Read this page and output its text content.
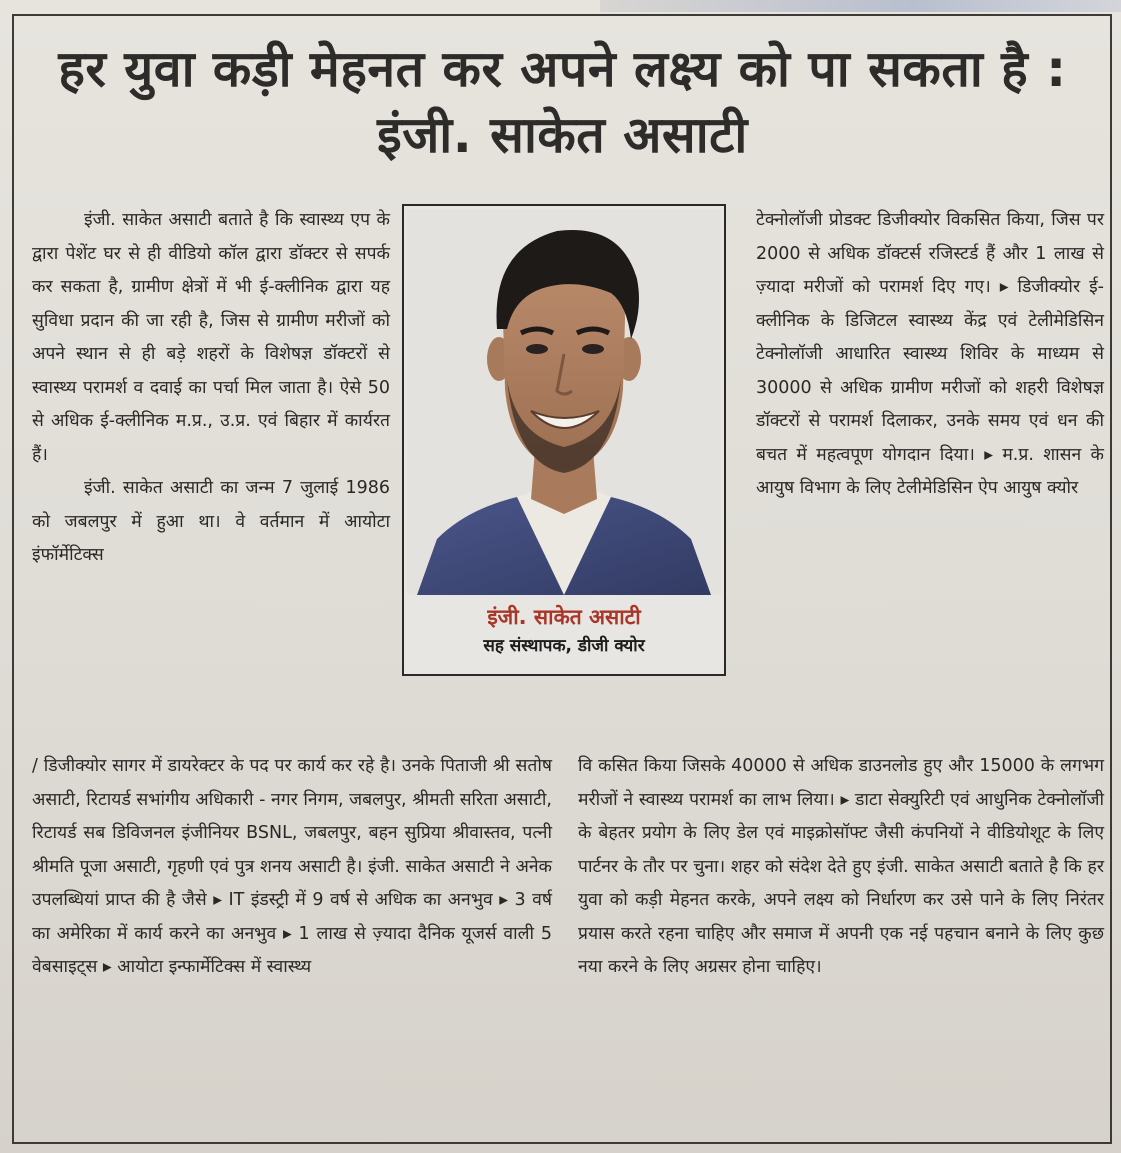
हर युवा कड़ी मेहनत कर अपने लक्ष्य को पा सकता है : इंजी. साकेत असाटी

इंजी. साकेत असाटी बताते है कि स्वास्थ्य एप के द्वारा पेशेंट घर से ही वीडियो कॉल द्वारा डॉक्टर से सपर्क कर सकता है, ग्रामीण क्षेत्रों में भी ई-क्लीनिक द्वारा यह सुविधा प्रदान की जा रही है, जिस से ग्रामीण मरीजों को अपने स्थान से ही बड़े शहरों के विशेषज्ञ डॉक्टरों से स्वास्थ्य परामर्श व दवाई का पर्चा मिल जाता है। ऐसे 50 से अधिक ई-क्लीनिक म.प्र., उ.प्र. एवं बिहार में कार्यरत हैं।

इंजी. साकेत असाटी का जन्म 7 जुलाई 1986 को जबलपुर में हुआ था। वे वर्तमान में आयोटा इंफॉर्मेटिक्स

इंजी. साकेत असाटी
सह संस्थापक, डीजी क्योर

टेक्नोलॉजी प्रोडक्ट डिजीक्योर विकसित किया, जिस पर 2000 से अधिक डॉक्टर्स रजिस्टर्ड हैं और 1 लाख से ज़्यादा मरीजों को परामर्श दिए गए। ▸ डिजीक्योर ई-क्लीनिक के डिजिटल स्वास्थ्य केंद्र एवं टेलीमेडिसिन टेक्नोलॉजी आधारित स्वास्थ्य शिविर के माध्यम से 30000 से अधिक ग्रामीण मरीजों को शहरी विशेषज्ञ डॉक्टरों से परामर्श दिलाकर, उनके समय एवं धन की बचत में महत्वपूण योगदान दिया। ▸ म.प्र. शासन के आयुष विभाग के लिए टेलीमेडिसिन ऐप आयुष क्योर

/ डिजीक्योर सागर में डायरेक्टर के पद पर कार्य कर रहे है। उनके पिताजी श्री सतोष असाटी, रिटायर्ड सभांगीय अधिकारी - नगर निगम, जबलपुर, श्रीमती सरिता असाटी, रिटायर्ड सब डिविजनल इंजीनियर BSNL, जबलपुर, बहन सुप्रिया श्रीवास्तव, पत्नी श्रीमति पूजा असाटी, गृहणी एवं पुत्र शनय असाटी है। इंजी. साकेत असाटी ने अनेक उपलब्धियां प्राप्त की है जैसे ▸ IT इंडस्ट्री में 9 वर्ष से अधिक का अनभुव ▸ 3 वर्ष का अमेरिका में कार्य करने का अनभुव ▸ 1 लाख से ज़्यादा दैनिक यूजर्स वाली 5 वेबसाइट्स ▸ आयोटा इन्फार्मेटिक्स में स्वास्थ्य

वि कसित किया जिसके 40000 से अधिक डाउनलोड हुए और 15000 के लगभग मरीजों ने स्वास्थ्य परामर्श का लाभ लिया। ▸ डाटा सेक्युरिटी एवं आधुनिक टेक्नोलॉजी के बेहतर प्रयोग के लिए डेल एवं माइक्रोसॉफ्ट जैसी कंपनियों ने वीडियोशूट के लिए पार्टनर के तौर पर चुना। शहर को संदेश देते हुए इंजी. साकेत असाटी बताते है कि हर युवा को कड़ी मेहनत करके, अपने लक्ष्य को निर्धारण कर उसे पाने के लिए निरंतर प्रयास करते रहना चाहिए और समाज में अपनी एक नई पहचान बनाने के लिए कुछ नया करने के लिए अग्रसर होना चाहिए।
